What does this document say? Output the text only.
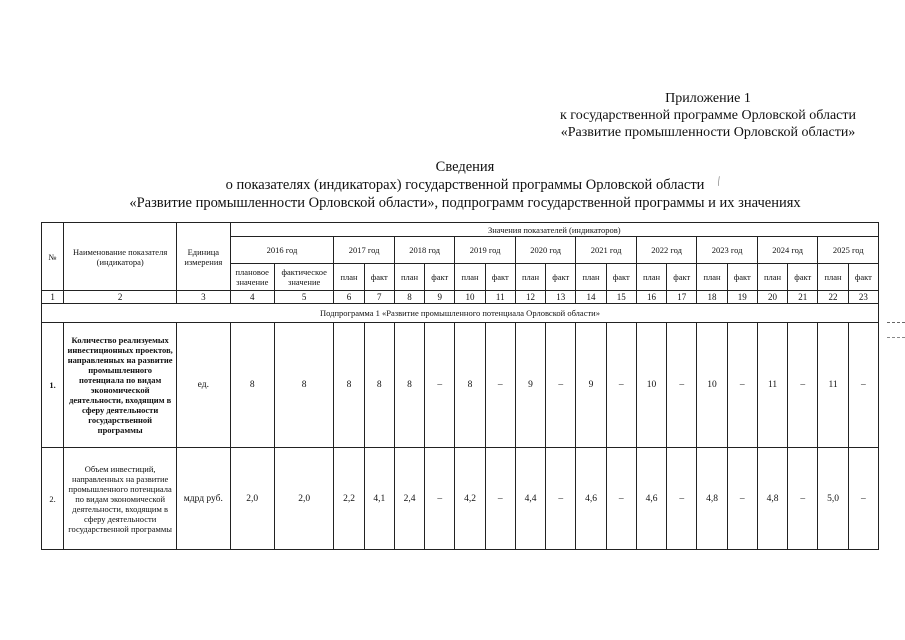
Приложение 1
к государственной программе Орловской области
«Развитие промышленности Орловской области»
Сведения
о показателях (индикаторах) государственной программы Орловской области
«Развитие промышленности Орловской области», подпрограмм государственной программы и их значениях
⁄
№	Наименование показателя (индикатора)	Единица измерения	Значения показателей (индикаторов)																			
			2016 год		2017 год		2018 год		2019 год		2020 год		2021 год		2022 год		2023 год		2024 год		2025 год	
			плановое значение	фактическое значение	план	факт	план	факт	план	факт	план	факт	план	факт	план	факт	план	факт	план	факт	план	факт
1	2	3	4	5	6	7	8	9	10	11	12	13	14	15	16	17	18	19	20	21	22	23
Подпрограмма 1 «Развитие промышленного потенциала Орловской области»																						
1.	Количество реализуемых инвестиционных проектов, направленных на развитие промышленного потенциала по видам экономической деятельности, входящим в сферу деятельности государственной программы	ед.	8	8	8	8	8	–	8	–	9	–	9	–	10	–	10	–	11	–	11	–
2.	Объем инвестиций, направленных на развитие промышленного потенциала по видам экономической деятельности, входящим в сферу деятельности государственной программы	мдрд руб.	2,0	2,0	2,2	4,1	2,4	–	4,2	–	4,4	–	4,6	–	4,6	–	4,8	–	4,8	–	5,0	–
